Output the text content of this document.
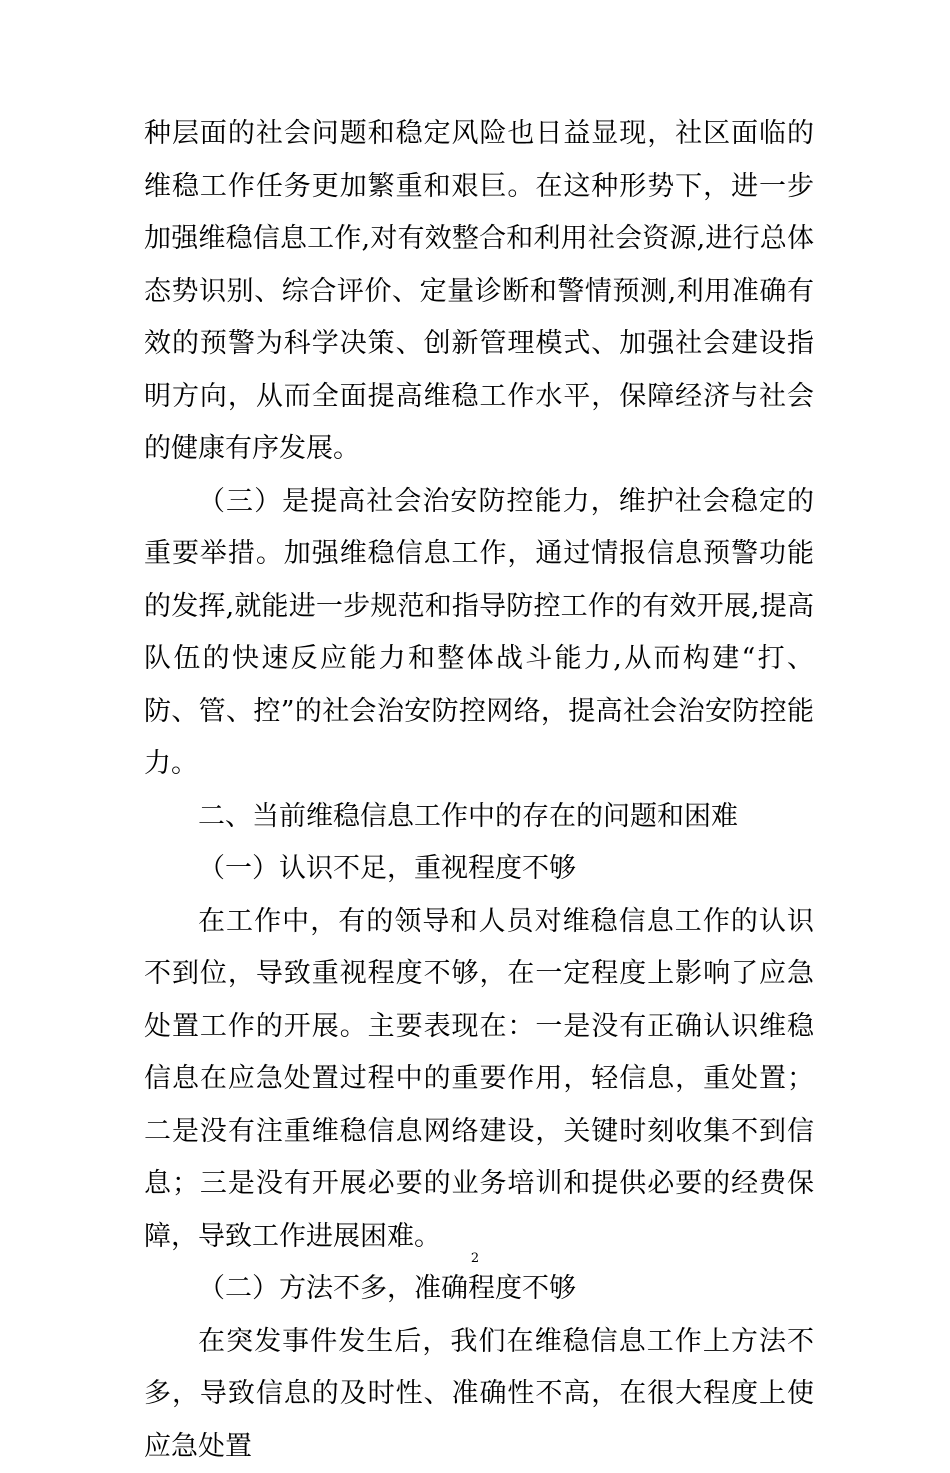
种层面的社会问题和稳定风险也日益显现，社区面临的维稳工作任务更加繁重和艰巨。在这种形势下，进一步加强维稳信息工作,对有效整合和利用社会资源,进行总体态势识别、综合评价、定量诊断和警情预测,利用准确有效的预警为科学决策、创新管理模式、加强社会建设指明方向，从而全面提高维稳工作水平，保障经济与社会的健康有序发展。

（三）是提高社会治安防控能力，维护社会稳定的重要举措。加强维稳信息工作，通过情报信息预警功能的发挥,就能进一步规范和指导防控工作的有效开展,提高队伍的快速反应能力和整体战斗能力,从而构建“打、防、管、控”的社会治安防控网络，提高社会治安防控能力。

二、当前维稳信息工作中的存在的问题和困难

（一）认识不足，重视程度不够

在工作中，有的领导和人员对维稳信息工作的认识不到位，导致重视程度不够，在一定程度上影响了应急处置工作的开展。主要表现在：一是没有正确认识维稳信息在应急处置过程中的重要作用，轻信息，重处置；二是没有注重维稳信息网络建设，关键时刻收集不到信息；三是没有开展必要的业务培训和提供必要的经费保障，导致工作进展困难。

（二）方法不多，准确程度不够

在突发事件发生后，我们在维稳信息工作上方法不多，导致信息的及时性、准确性不高，在很大程度上使应急处置

2
